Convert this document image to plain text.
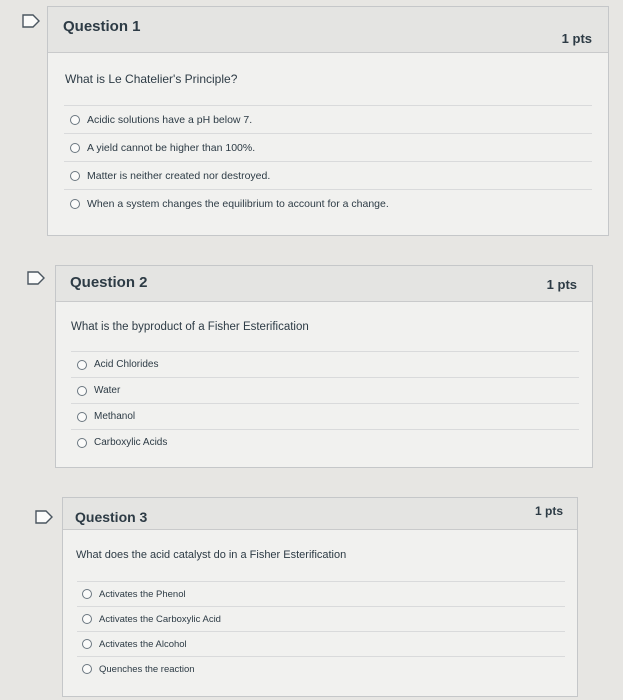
Question 1
1 pts
What is Le Chatelier's Principle?
Acidic solutions have a pH below 7.
A yield cannot be higher than 100%.
Matter is neither created nor destroyed.
When a system changes the equilibrium to account for a change.
Question 2	1 pts
What is the byproduct of a Fisher Esterification
Acid Chlorides
Water
Methanol
Carboxylic Acids
Question 3	1 pts
What does the acid catalyst do in a Fisher Esterification
Activates the Phenol
Activates the Carboxylic Acid
Activates the Alcohol
Quenches the reaction
